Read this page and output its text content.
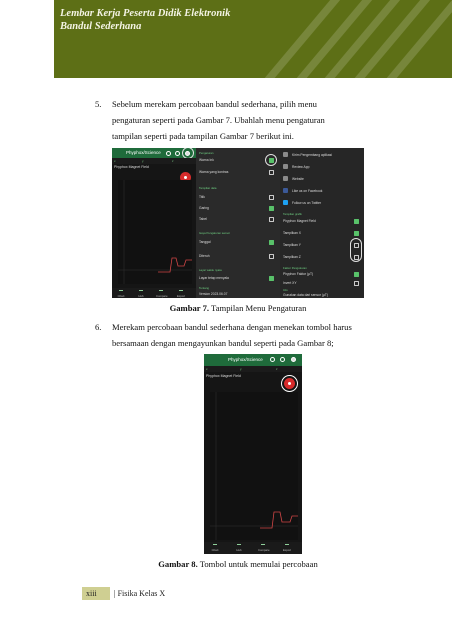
Lembar Kerja Peserta Didik Elektronik
Bandul Sederhana
5. Sebelum merekam percobaan bandul sederhana, pilih menu
pengaturan seperti pada Gambar 7. Ubahlah menu pengaturan
tampilan seperti pada tampilan Gambar 7 berikut ini.
Phyphox/Science
x	y	z
Phyphox Magnet Field
Chart	Hub	Compare	Export
Pengaturan
Warna Ink
Warna yang kontras
Tampilan data
Titik
Garing
Tabel
Gaya Pengaturan sensor
Tanggal
Diteruh
Layar waktu nyata
Layar tetap menyala
Tentang
Version 2023.06.07
Kirim Pengembang aplikasi
Review App
Website
Like us on Facebook
Follow us on Twitter
Tampilan grafik
Phyphox Magnet Field
Tampilkan X
Tampilkan Y
Tampilkan Z
Faktor Pengukuran
Phyphox Faktor (μT)
Invert XY
Info
Gunakan data dari sensor (μT)
Gambar 7. Tampilan Menu Pengaturan
6. Merekam percobaan bandul sederhana dengan menekan tombol harus
bersamaan dengan mengayunkan bandul seperti pada Gambar 8;
Phyphox/Science
x	y	z
Phyphox Magnet Field
Chart	Hub	Compare	Export
Gambar 8. Tombol untuk memulai percobaan
xiii | Fisika Kelas X
